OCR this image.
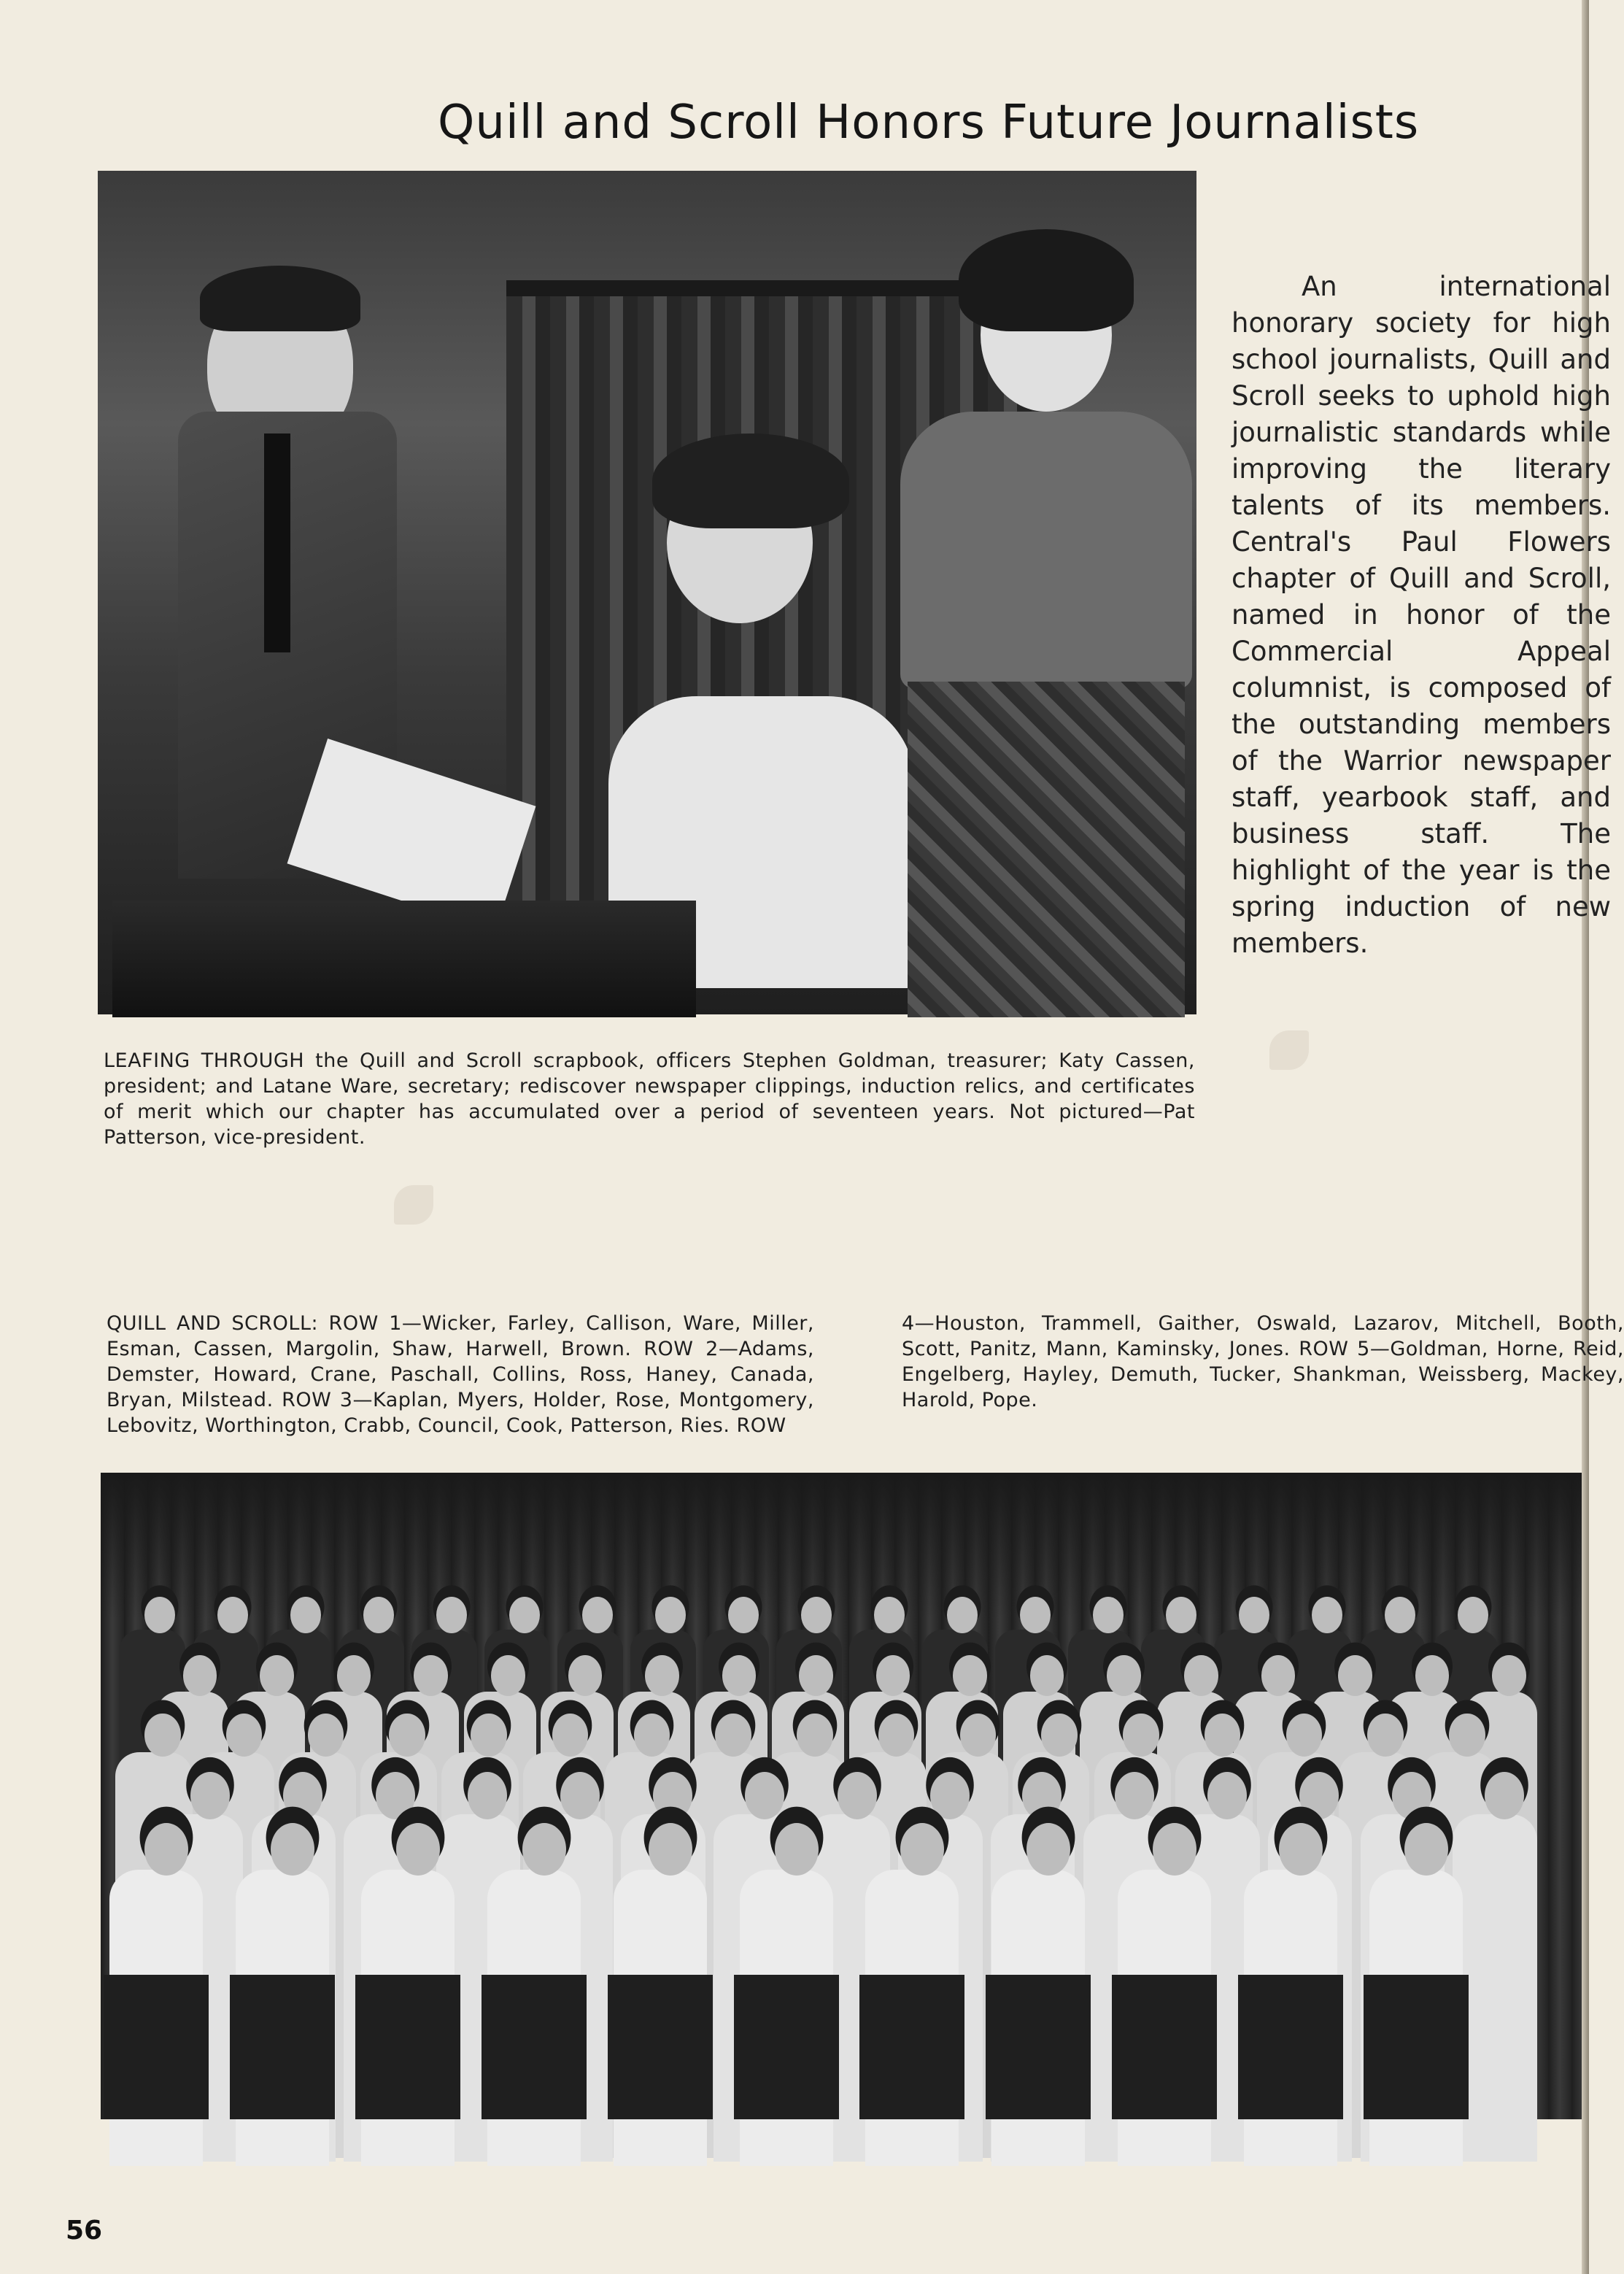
Quill and Scroll Honors Future Journalists

An international honorary society for high school journalists, Quill and Scroll seeks to uphold high journalistic standards while improving the literary talents of its members. Central's Paul Flowers chapter of Quill and Scroll, named in honor of the Commercial Appeal columnist, is composed of the outstanding members of the Warrior newspaper staff, yearbook staff, and business staff. The highlight of the year is the spring induction of new members.

LEAFING THROUGH the Quill and Scroll scrapbook, officers Stephen Goldman, treasurer; Katy Cassen, president; and Latane Ware, secretary; rediscover newspaper clippings, induction relics, and certificates of merit which our chapter has accumulated over a period of seventeen years. Not pictured—Pat Patterson, vice-president.
QUILL AND SCROLL: ROW 1—Wicker, Farley, Callison, Ware, Miller, Esman, Cassen, Margolin, Shaw, Harwell, Brown. ROW 2—Adams, Demster, Howard, Crane, Paschall, Collins, Ross, Haney, Canada, Bryan, Milstead. ROW 3—Kaplan, Myers, Holder, Rose, Montgomery, Lebovitz, Worthington, Crabb, Council, Cook, Patterson, Ries. ROW

4—Houston, Trammell, Gaither, Oswald, Lazarov, Mitchell, Booth, Scott, Panitz, Mann, Kaminsky, Jones. ROW 5—Goldman, Horne, Reid, Engelberg, Hayley, Demuth, Tucker, Shankman, Weissberg, Mackey, Harold, Pope.

56
